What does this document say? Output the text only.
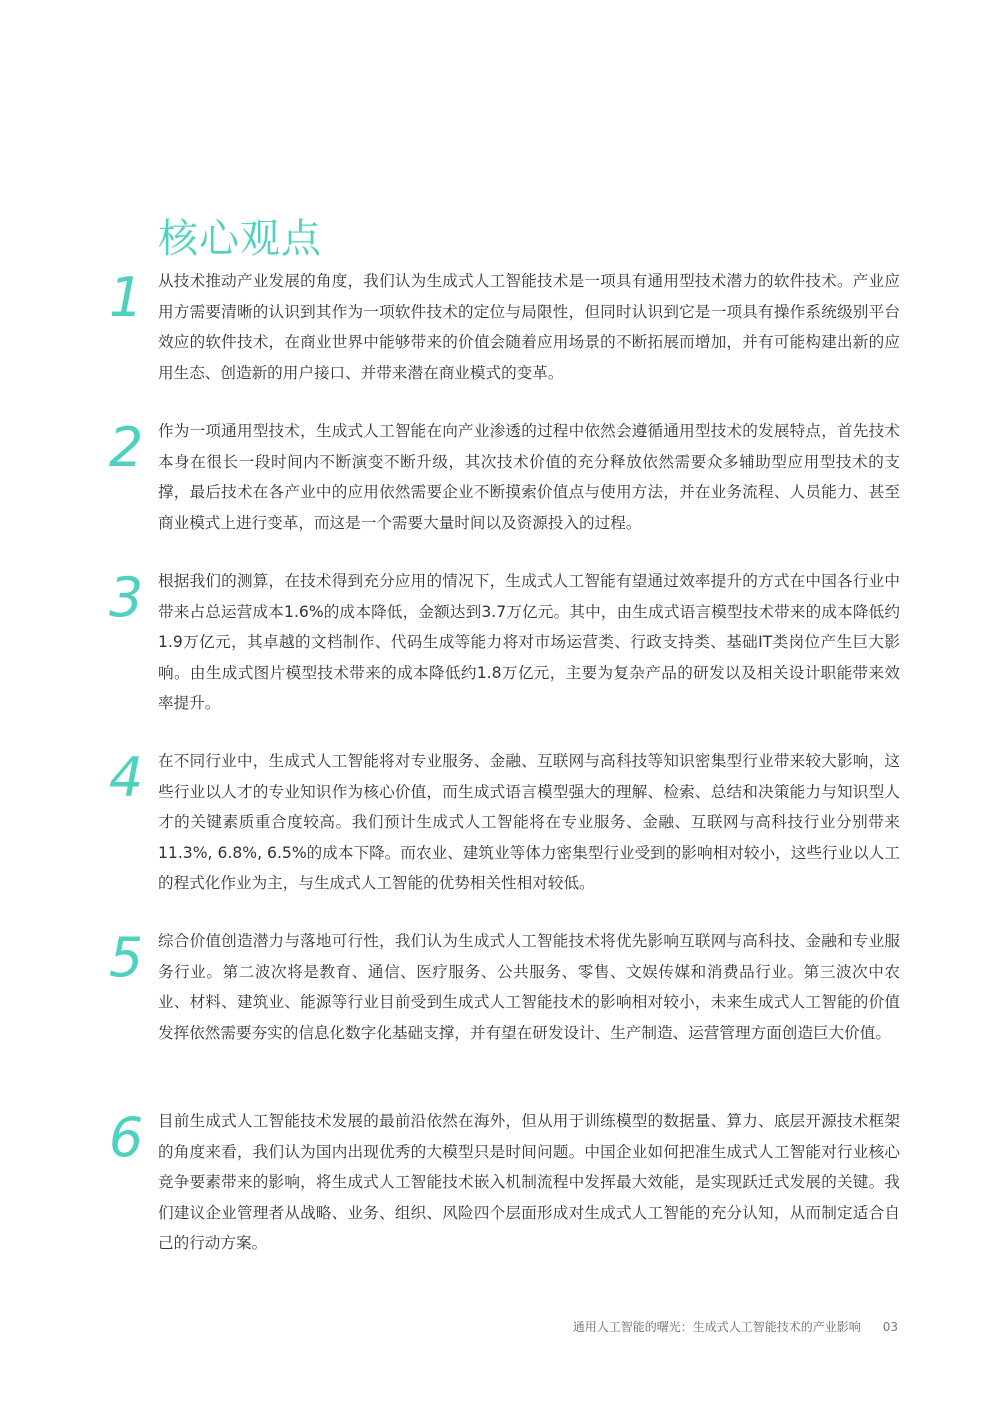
核心观点
1 从技术推动产业发展的角度，我们认为生成式人工智能技术是一项具有通用型技术潜力的软件技术。产业应用方需要清晰的认识到其作为一项软件技术的定位与局限性，但同时认识到它是一项具有操作系统级别平台效应的软件技术，在商业世界中能够带来的价值会随着应用场景的不断拓展而增加，并有可能构建出新的应用生态、创造新的用户接口、并带来潜在商业模式的变革。

2 作为一项通用型技术，生成式人工智能在向产业渗透的过程中依然会遵循通用型技术的发展特点，首先技术本身在很长一段时间内不断演变不断升级，其次技术价值的充分释放依然需要众多辅助型应用型技术的支撑，最后技术在各产业中的应用依然需要企业不断摸索价值点与使用方法，并在业务流程、人员能力、甚至商业模式上进行变革，而这是一个需要大量时间以及资源投入的过程。

3 根据我们的测算，在技术得到充分应用的情况下，生成式人工智能有望通过效率提升的方式在中国各行业中带来占总运营成本1.6%的成本降低，金额达到3.7万亿元。其中，由生成式语言模型技术带来的成本降低约1.9万亿元，其卓越的文档制作、代码生成等能力将对市场运营类、行政支持类、基础IT类岗位产生巨大影响。由生成式图片模型技术带来的成本降低约1.8万亿元，主要为复杂产品的研发以及相关设计职能带来效率提升。

4 在不同行业中，生成式人工智能将对专业服务、金融、互联网与高科技等知识密集型行业带来较大影响，这些行业以人才的专业知识作为核心价值，而生成式语言模型强大的理解、检索、总结和决策能力与知识型人才的关键素质重合度较高。我们预计生成式人工智能将在专业服务、金融、互联网与高科技行业分别带来11.3%, 6.8%, 6.5%的成本下降。而农业、建筑业等体力密集型行业受到的影响相对较小，这些行业以人工的程式化作业为主，与生成式人工智能的优势相关性相对较低。

5 综合价值创造潜力与落地可行性，我们认为生成式人工智能技术将优先影响互联网与高科技、金融和专业服务行业。第二波次将是教育、通信、医疗服务、公共服务、零售、文娱传媒和消费品行业。第三波次中农业、材料、建筑业、能源等行业目前受到生成式人工智能技术的影响相对较小，未来生成式人工智能的价值发挥依然需要夯实的信息化数字化基础支撑，并有望在研发设计、生产制造、运营管理方面创造巨大价值。

6 目前生成式人工智能技术发展的最前沿依然在海外，但从用于训练模型的数据量、算力、底层开源技术框架的角度来看，我们认为国内出现优秀的大模型只是时间问题。中国企业如何把准生成式人工智能对行业核心竞争要素带来的影响，将生成式人工智能技术嵌入机制流程中发挥最大效能，是实现跃迁式发展的关键。我们建议企业管理者从战略、业务、组织、风险四个层面形成对生成式人工智能的充分认知，从而制定适合自己的行动方案。

通用人工智能的曙光：生成式人工智能技术的产业影响 03
